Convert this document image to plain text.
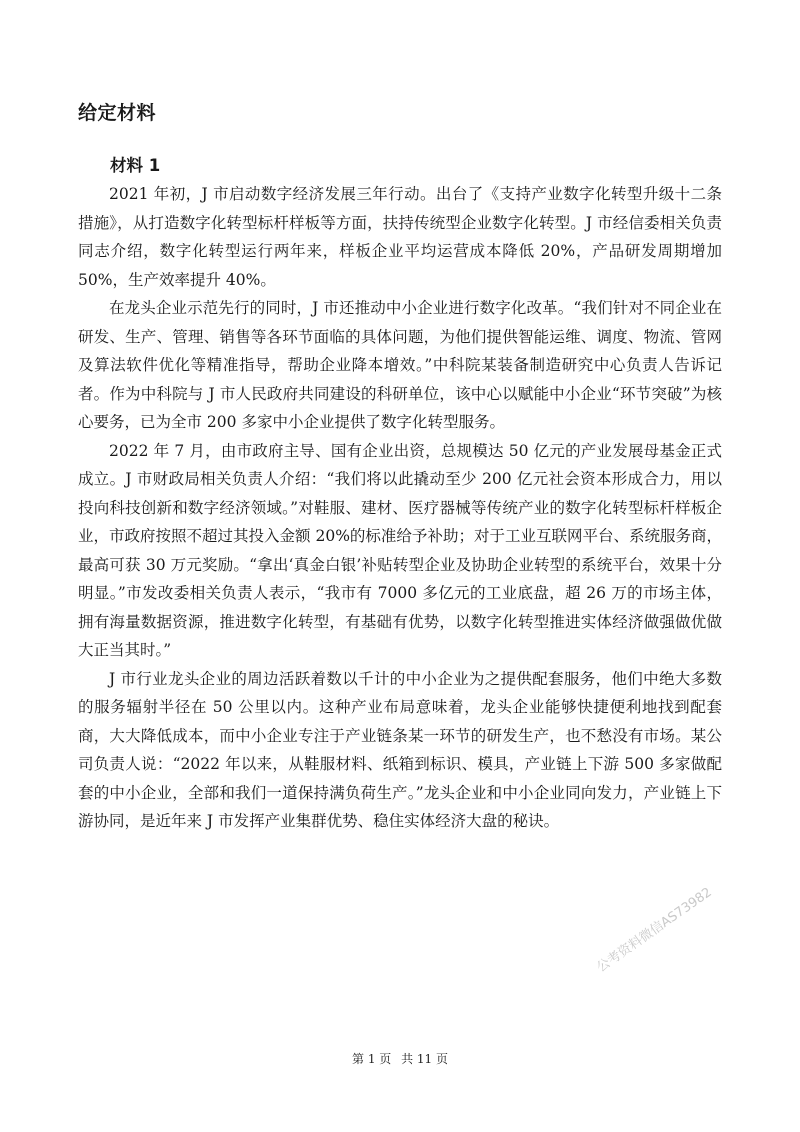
给定材料
材料 1

2021 年初，J 市启动数字经济发展三年行动。出台了《支持产业数字化转型升级十二条措施》，从打造数字化转型标杆样板等方面，扶持传统型企业数字化转型。J 市经信委相关负责同志介绍，数字化转型运行两年来，样板企业平均运营成本降低 20%，产品研发周期增加 50%，生产效率提升 40%。

在龙头企业示范先行的同时，J 市还推动中小企业进行数字化改革。“我们针对不同企业在研发、生产、管理、销售等各环节面临的具体问题，为他们提供智能运维、调度、物流、管网及算法软件优化等精准指导，帮助企业降本增效。”中科院某装备制造研究中心负责人告诉记者。作为中科院与 J 市人民政府共同建设的科研单位，该中心以赋能中小企业“环节突破”为核心要务，已为全市 200 多家中小企业提供了数字化转型服务。

2022 年 7 月，由市政府主导、国有企业出资，总规模达 50 亿元的产业发展母基金正式成立。J 市财政局相关负责人介绍：“我们将以此撬动至少 200 亿元社会资本形成合力，用以投向科技创新和数字经济领域。”对鞋服、建材、医疗器械等传统产业的数字化转型标杆样板企业，市政府按照不超过其投入金额 20%的标准给予补助；对于工业互联网平台、系统服务商，最高可获 30 万元奖励。“拿出‘真金白银’补贴转型企业及协助企业转型的系统平台，效果十分明显。”市发改委相关负责人表示，“我市有 7000 多亿元的工业底盘，超 26 万的市场主体，拥有海量数据资源，推进数字化转型，有基础有优势，以数字化转型推进实体经济做强做优做大正当其时。”

J 市行业龙头企业的周边活跃着数以千计的中小企业为之提供配套服务，他们中绝大多数的服务辐射半径在 50 公里以内。这种产业布局意味着，龙头企业能够快捷便利地找到配套商，大大降低成本，而中小企业专注于产业链条某一环节的研发生产，也不愁没有市场。某公司负责人说：“2022 年以来，从鞋服材料、纸箱到标识、模具，产业链上下游 500 多家做配套的中小企业，全部和我们一道保持满负荷生产。”龙头企业和中小企业同向发力，产业链上下游协同，是近年来 J 市发挥产业集群优势、稳住实体经济大盘的秘诀。

公考资料微信AS73982
第 1 页 共 11 页
